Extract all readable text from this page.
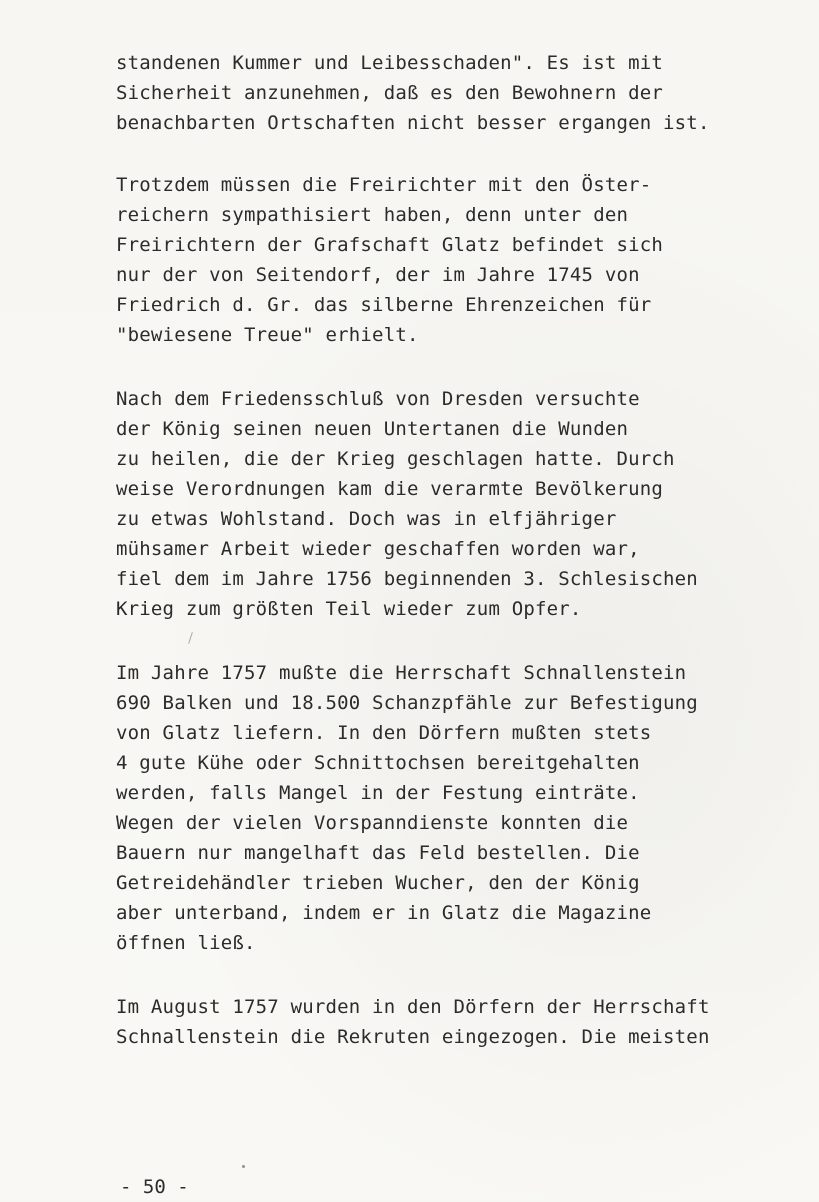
standenen Kummer und Leibesschaden". Es ist mit
Sicherheit anzunehmen, daß es den Bewohnern der
benachbarten Ortschaften nicht besser ergangen ist.
Trotzdem müssen die Freirichter mit den Öster-
reichern sympathisiert haben, denn unter den
Freirichtern der Grafschaft Glatz befindet sich
nur der von Seitendorf, der im Jahre 1745 von
Friedrich d. Gr. das silberne Ehrenzeichen für
"bewiesene Treue" erhielt.
Nach dem Friedensschluß von Dresden versuchte
der König seinen neuen Untertanen die Wunden
zu heilen, die der Krieg geschlagen hatte. Durch
weise Verordnungen kam die verarmte Bevölkerung
zu etwas Wohlstand. Doch was in elfjähriger
mühsamer Arbeit wieder geschaffen worden war,
fiel dem im Jahre 1756 beginnenden 3. Schlesischen
Krieg zum größten Teil wieder zum Opfer.
Im Jahre 1757 mußte die Herrschaft Schnallenstein
690 Balken und 18.500 Schanzpfähle zur Befestigung
von Glatz liefern. In den Dörfern mußten stets
4 gute Kühe oder Schnittochsen bereitgehalten
werden, falls Mangel in der Festung einträte.
Wegen der vielen Vorspanndienste konnten die
Bauern nur mangelhaft das Feld bestellen. Die
Getreidehändler trieben Wucher, den der König
aber unterband, indem er in Glatz die Magazine
öffnen ließ.
Im August 1757 wurden in den Dörfern der Herrschaft
Schnallenstein die Rekruten eingezogen. Die meisten
- 50 -
